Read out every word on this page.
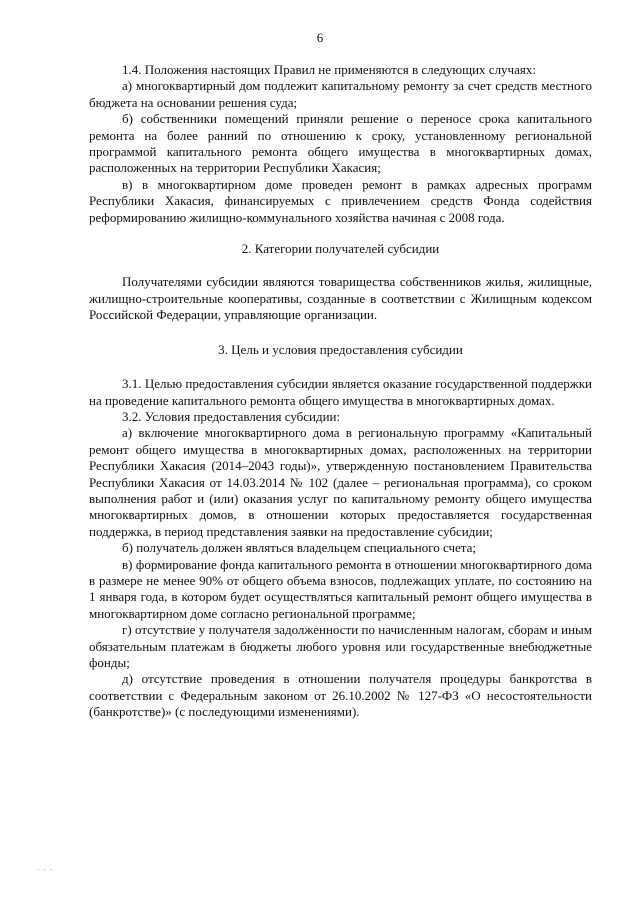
6

1.4. Положения настоящих Правил не применяются в следующих случаях:

а) многоквартирный дом подлежит капитальному ремонту за счет средств местного бюджета на основании решения суда;

б) собственники помещений приняли решение о переносе срока капитального ремонта на более ранний по отношению к сроку, установленному региональной программой капитального ремонта общего имущества в многоквартирных домах, расположенных на территории Республики Хакасия;

в) в многоквартирном доме проведен ремонт в рамках адресных программ Республики Хакасия, финансируемых с привлечением средств Фонда содействия реформированию жилищно-коммунального хозяйства начиная с 2008 года.

2. Категории получателей субсидии

Получателями субсидии являются товарищества собственников жилья, жилищные, жилищно-строительные кооперативы, созданные в соответствии с Жилищным кодексом Российской Федерации, управляющие организации.

3. Цель и условия предоставления субсидии

3.1. Целью предоставления субсидии является оказание государственной поддержки на проведение капитального ремонта общего имущества в многоквартирных домах.

3.2. Условия предоставления субсидии:

а) включение многоквартирного дома в региональную программу «Капитальный ремонт общего имущества в многоквартирных домах, расположенных на территории Республики Хакасия (2014–2043 годы)», утвержденную постановлением Правительства Республики Хакасия от 14.03.2014 № 102 (далее – региональная программа), со сроком выполнения работ и (или) оказания услуг по капитальному ремонту общего имущества многоквартирных домов, в отношении которых предоставляется государственная поддержка, в период представления заявки на предоставление субсидии;

б) получатель должен являться владельцем специального счета;

в) формирование фонда капитального ремонта в отношении многоквартирного дома в размере не менее 90% от общего объема взносов, подлежащих уплате, по состоянию на 1 января года, в котором будет осуществляться капитальный ремонт общего имущества в многоквартирном доме согласно региональной программе;

г) отсутствие у получателя задолженности по начисленным налогам, сборам и иным обязательным платежам в бюджеты любого уровня или государственные внебюджетные фонды;

д) отсутствие проведения в отношении получателя процедуры банкротства в соответствии с Федеральным законом от 26.10.2002 № 127-ФЗ «О несостоятельности (банкротстве)» (с последующими изменениями).

· · ·
